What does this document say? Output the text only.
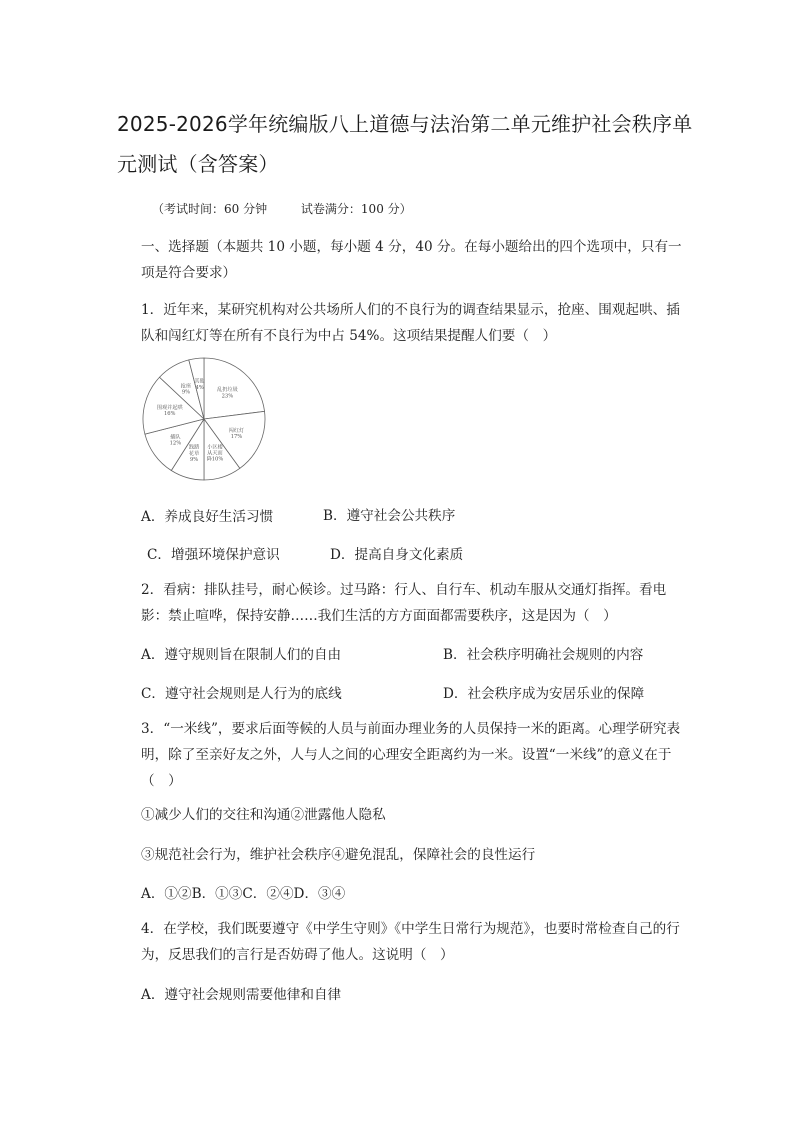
2025-2026学年统编版八上道德与法治第二单元维护社会秩序单元测试（含答案）
（考试时间：60 分钟	试卷满分：100 分）
一、选择题（本题共 10 小题，每小题 4 分，40 分。在每小题给出的四个选项中，只有一项是符合要求）
1．近年来，某研究机构对公共场所人们的不良行为的调查结果显示，抢座、围观起哄、插队和闯红灯等在所有不良行为中占 54%。这项结果提醒人们要（　）
乱扔垃圾 23%
闯红灯 17%
小区楼从天而降10%
践踏花草 9%
插队 12%
围观并起哄 16%
抢座 9%
其他 4%
A．养成良好生活习惯	B．遵守社会公共秩序
C．增强环境保护意识	D．提高自身文化素质
2．看病：排队挂号，耐心候诊。过马路：行人、自行车、机动车服从交通灯指挥。看电影：禁止喧哗，保持安静……我们生活的方方面面都需要秩序，这是因为（　）
A．遵守规则旨在限制人们的自由	B．社会秩序明确社会规则的内容
C．遵守社会规则是人行为的底线	D．社会秩序成为安居乐业的保障
3．“一米线”，要求后面等候的人员与前面办理业务的人员保持一米的距离。心理学研究表明，除了至亲好友之外，人与人之间的心理安全距离约为一米。设置“一米线”的意义在于（　）
①减少人们的交往和沟通②泄露他人隐私
③规范社会行为，维护社会秩序④避免混乱，保障社会的良性运行
A．①②B．①③C．②④D．③④
4．在学校，我们既要遵守《中学生守则》《中学生日常行为规范》，也要时常检查自己的行为，反思我们的言行是否妨碍了他人。这说明（　）
A．遵守社会规则需要他律和自律
